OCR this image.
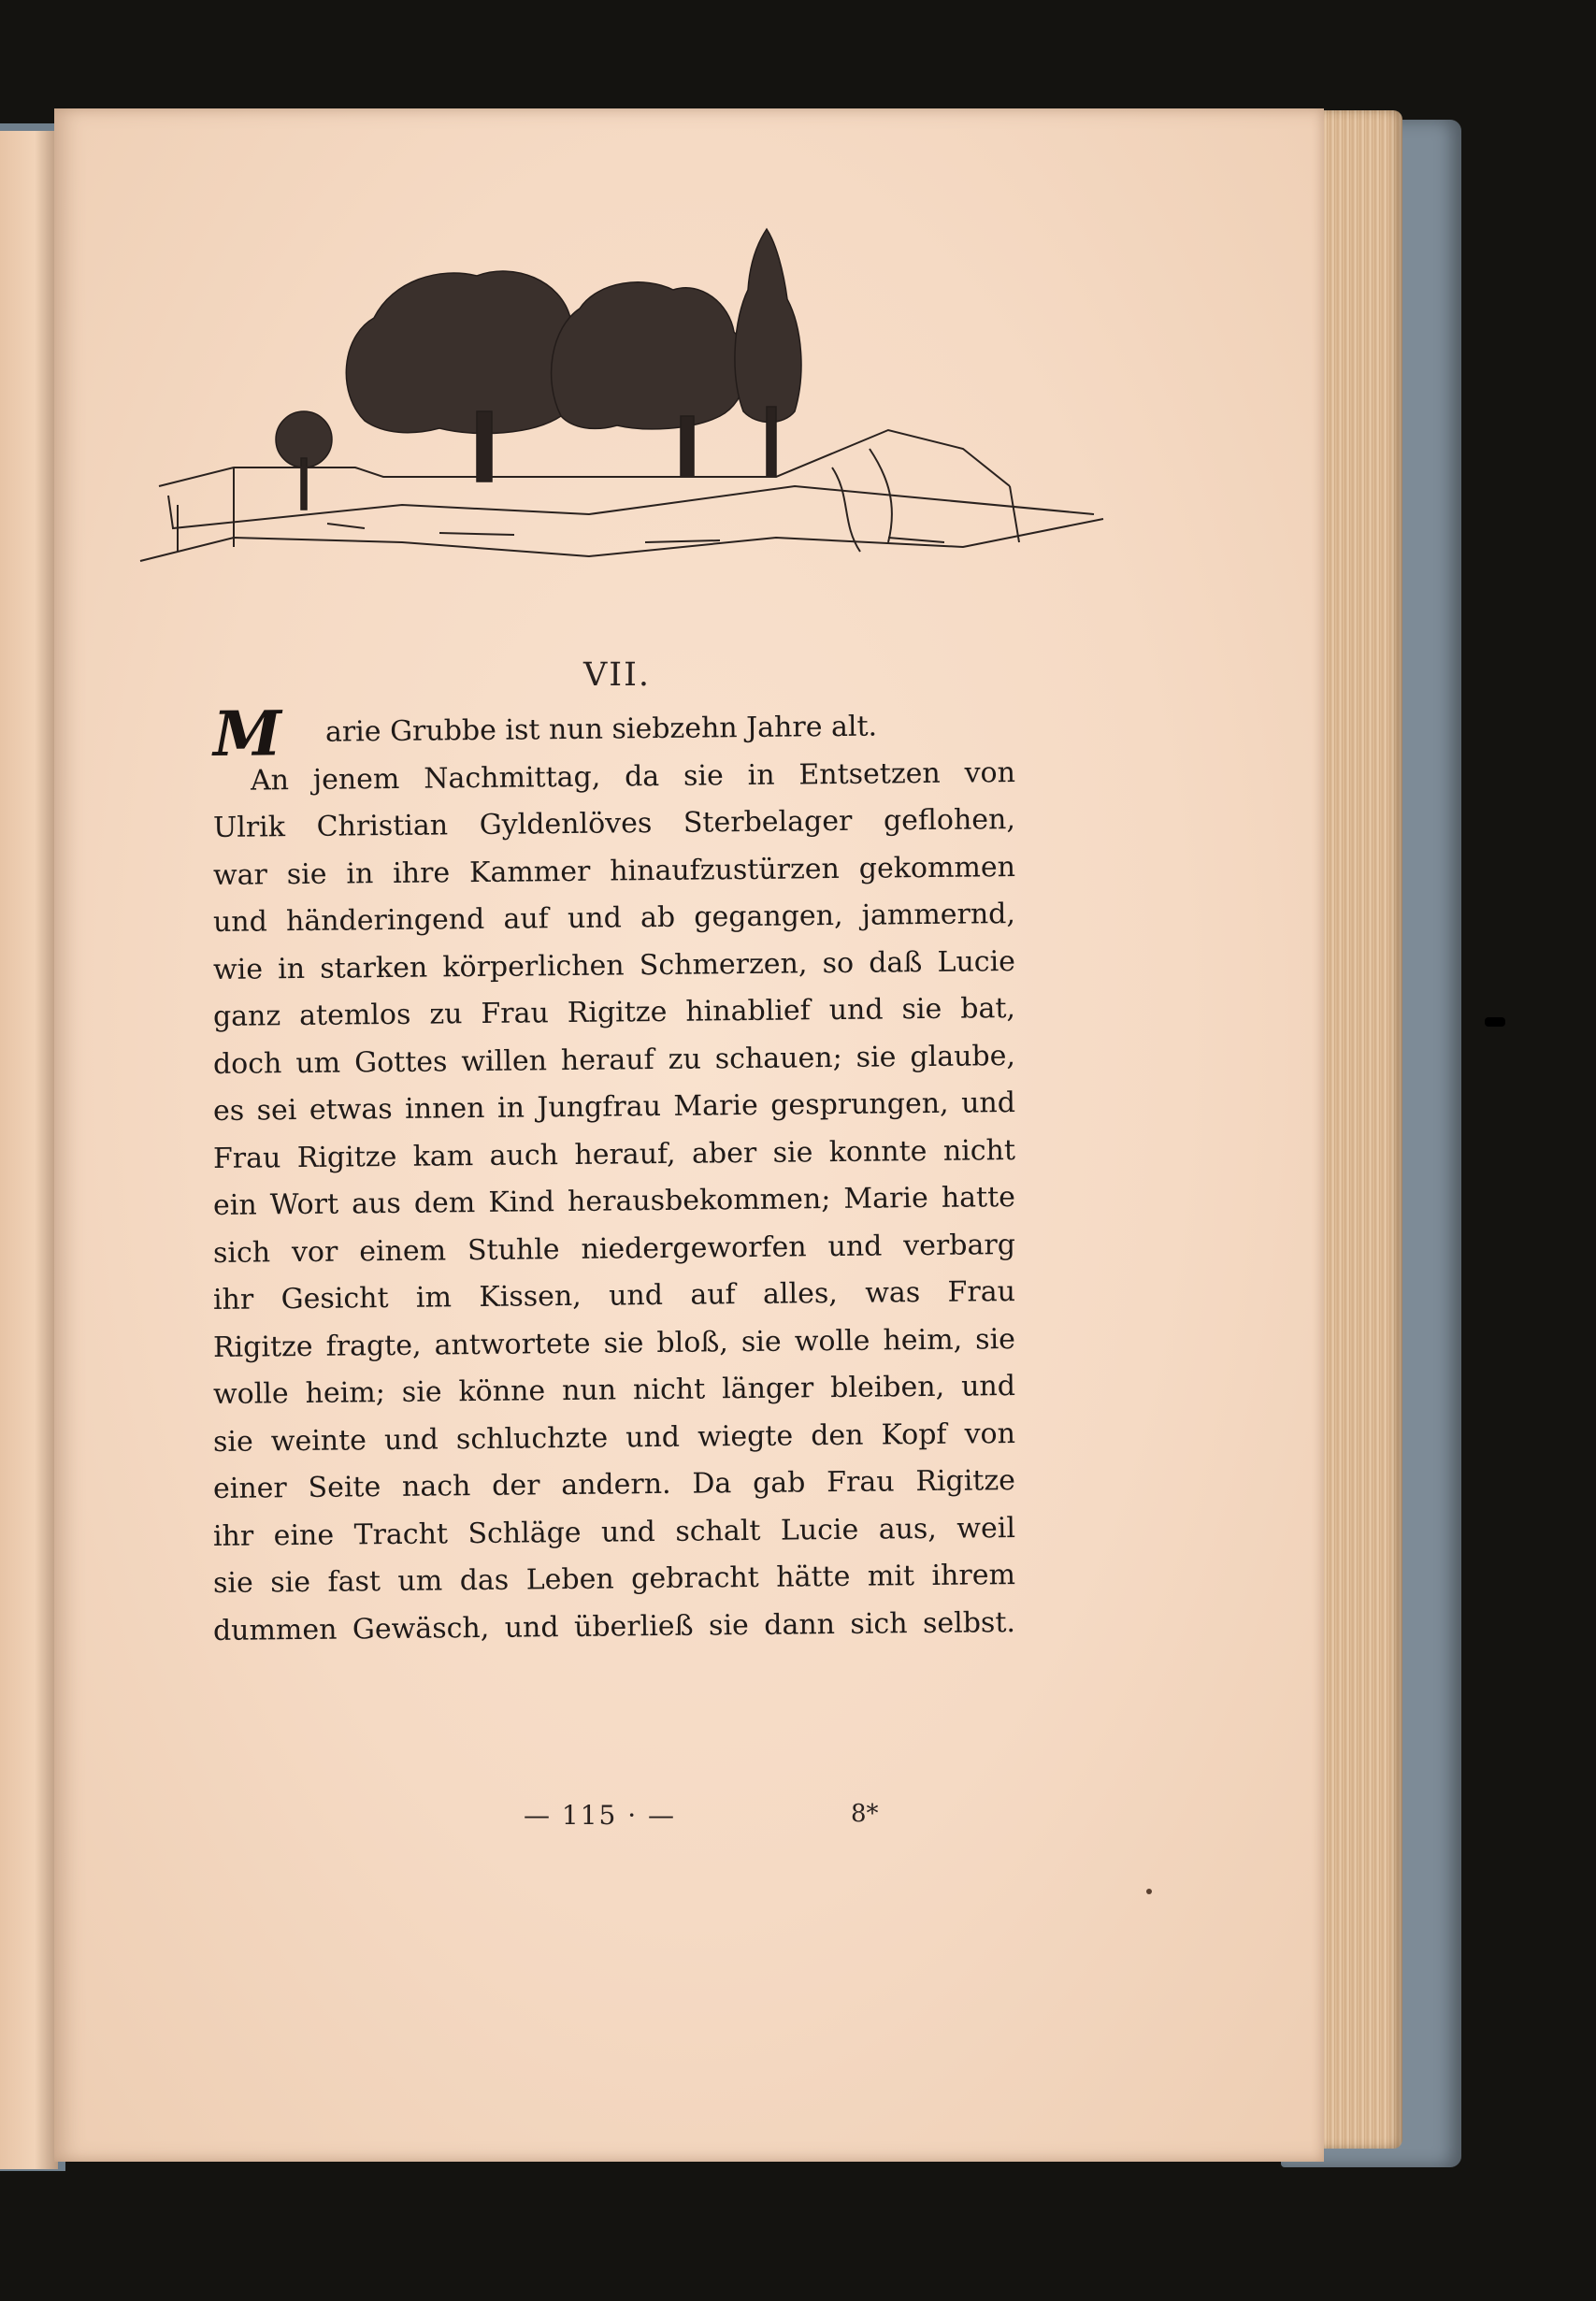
VII.
M arie Grubbe ist nun siebzehn Jahre alt.
An jenem Nachmittag, da sie in Entsetzen von
Ulrik Christian Gyldenlöves Sterbelager geflohen,
war sie in ihre Kammer hinaufzustürzen gekommen
und händeringend auf und ab gegangen, jammernd,
wie in starken körperlichen Schmerzen, so daß Lucie
ganz atemlos zu Frau Rigitze hinablief und sie bat,
doch um Gottes willen herauf zu schauen; sie glaube,
es sei etwas innen in Jungfrau Marie gesprungen, und
Frau Rigitze kam auch herauf, aber sie konnte nicht
ein Wort aus dem Kind herausbekommen; Marie hatte
sich vor einem Stuhle niedergeworfen und verbarg
ihr Gesicht im Kissen, und auf alles, was Frau
Rigitze fragte, antwortete sie bloß, sie wolle heim, sie
wolle heim; sie könne nun nicht länger bleiben, und
sie weinte und schluchzte und wiegte den Kopf von
einer Seite nach der andern. Da gab Frau Rigitze
ihr eine Tracht Schläge und schalt Lucie aus, weil
sie sie fast um das Leben gebracht hätte mit ihrem
dummen Gewäsch, und überließ sie dann sich selbst.
— 115 · —	8*
